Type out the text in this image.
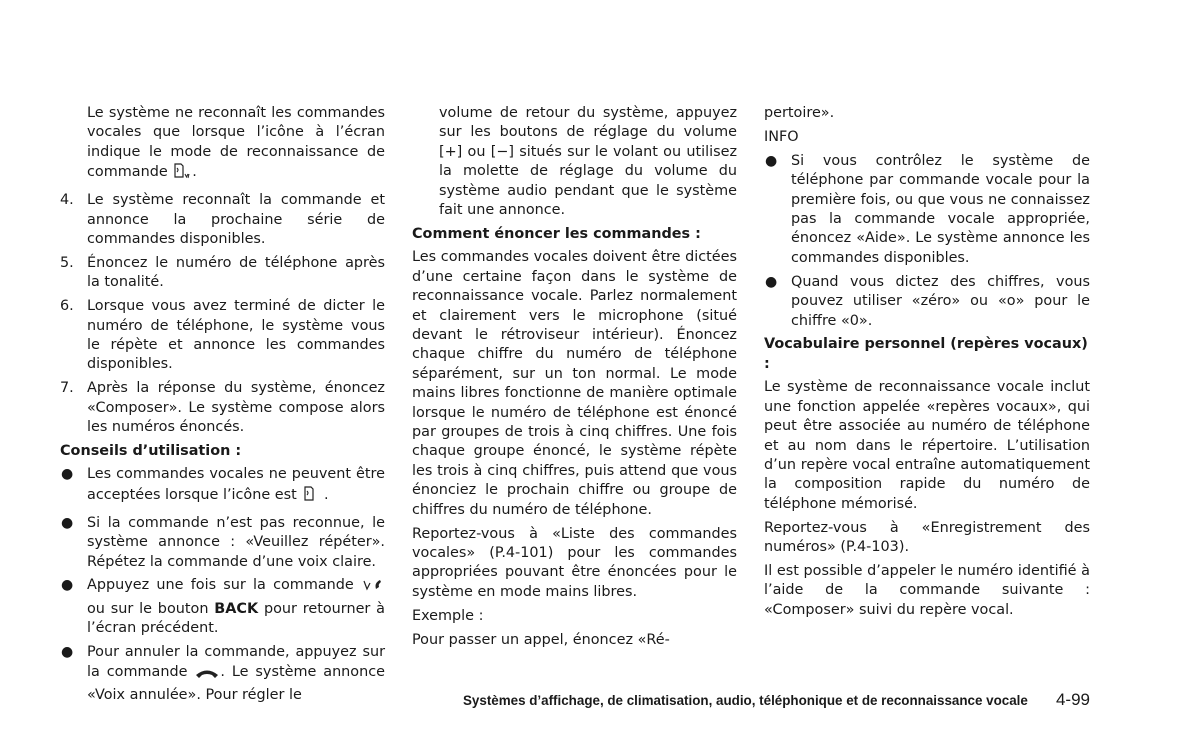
Le système ne reconnaît les commandes vocales que lorsque l’icône à l’écran indique le mode de reconnaissance de commande .

4. Le système reconnaît la commande et annonce la prochaine série de commandes disponibles.
5. Énoncez le numéro de téléphone après la tonalité.
6. Lorsque vous avez terminé de dicter le numéro de téléphone, le système vous le répète et annonce les commandes disponibles.
7. Après la réponse du système, énoncez «Composer». Le système compose alors les numéros énoncés.

Conseils d’utilisation :

● Les commandes vocales ne peuvent être acceptées lorsque l’icône est .
● Si la commande n’est pas reconnue, le système annonce : «Veuillez répéter». Répétez la commande d’une voix claire.
● Appuyez une fois sur la commande  ou sur le bouton BACK pour retourner à l’écran précédent.
● Pour annuler la commande, appuyez sur la commande . Le système annonce «Voix annulée». Pour régler le

volume de retour du système, appuyez sur les boutons de réglage du volume [+] ou [−] situés sur le volant ou utilisez la molette de réglage du volume du système audio pendant que le système fait une annonce.

Comment énoncer les commandes :

Les commandes vocales doivent être dictées d’une certaine façon dans le système de reconnaissance vocale. Parlez normalement et clairement vers le microphone (situé devant le rétroviseur intérieur). Énoncez chaque chiffre du numéro de téléphone séparément, sur un ton normal. Le mode mains libres fonctionne de manière optimale lorsque le numéro de téléphone est énoncé par groupes de trois à cinq chiffres. Une fois chaque groupe énoncé, le système répète les trois à cinq chiffres, puis attend que vous énonciez le prochain chiffre ou groupe de chiffres du numéro de téléphone.

Reportez-vous à «Liste des commandes vocales» (P.4-101) pour les commandes appropriées pouvant être énoncées pour le système en mode mains libres.

Exemple :

Pour passer un appel, énoncez «Ré-

pertoire».

INFO

● Si vous contrôlez le système de téléphone par commande vocale pour la première fois, ou que vous ne connaissez pas la commande vocale appropriée, énoncez «Aide». Le système annonce les commandes disponibles.
● Quand vous dictez des chiffres, vous pouvez utiliser «zéro» ou «o» pour le chiffre «0».

Vocabulaire personnel (repères vocaux) :

Le système de reconnaissance vocale inclut une fonction appelée «repères vocaux», qui peut être associée au numéro de téléphone et au nom dans le répertoire. L’utilisation d’un repère vocal entraîne automatiquement la composition rapide du numéro de téléphone mémorisé.

Reportez-vous à «Enregistrement des numéros» (P.4-103).

Il est possible d’appeler le numéro identifié à l’aide de la commande suivante : «Composer» suivi du repère vocal.

Systèmes d’affichage, de climatisation, audio, téléphonique et de reconnaissance vocale 4-99
